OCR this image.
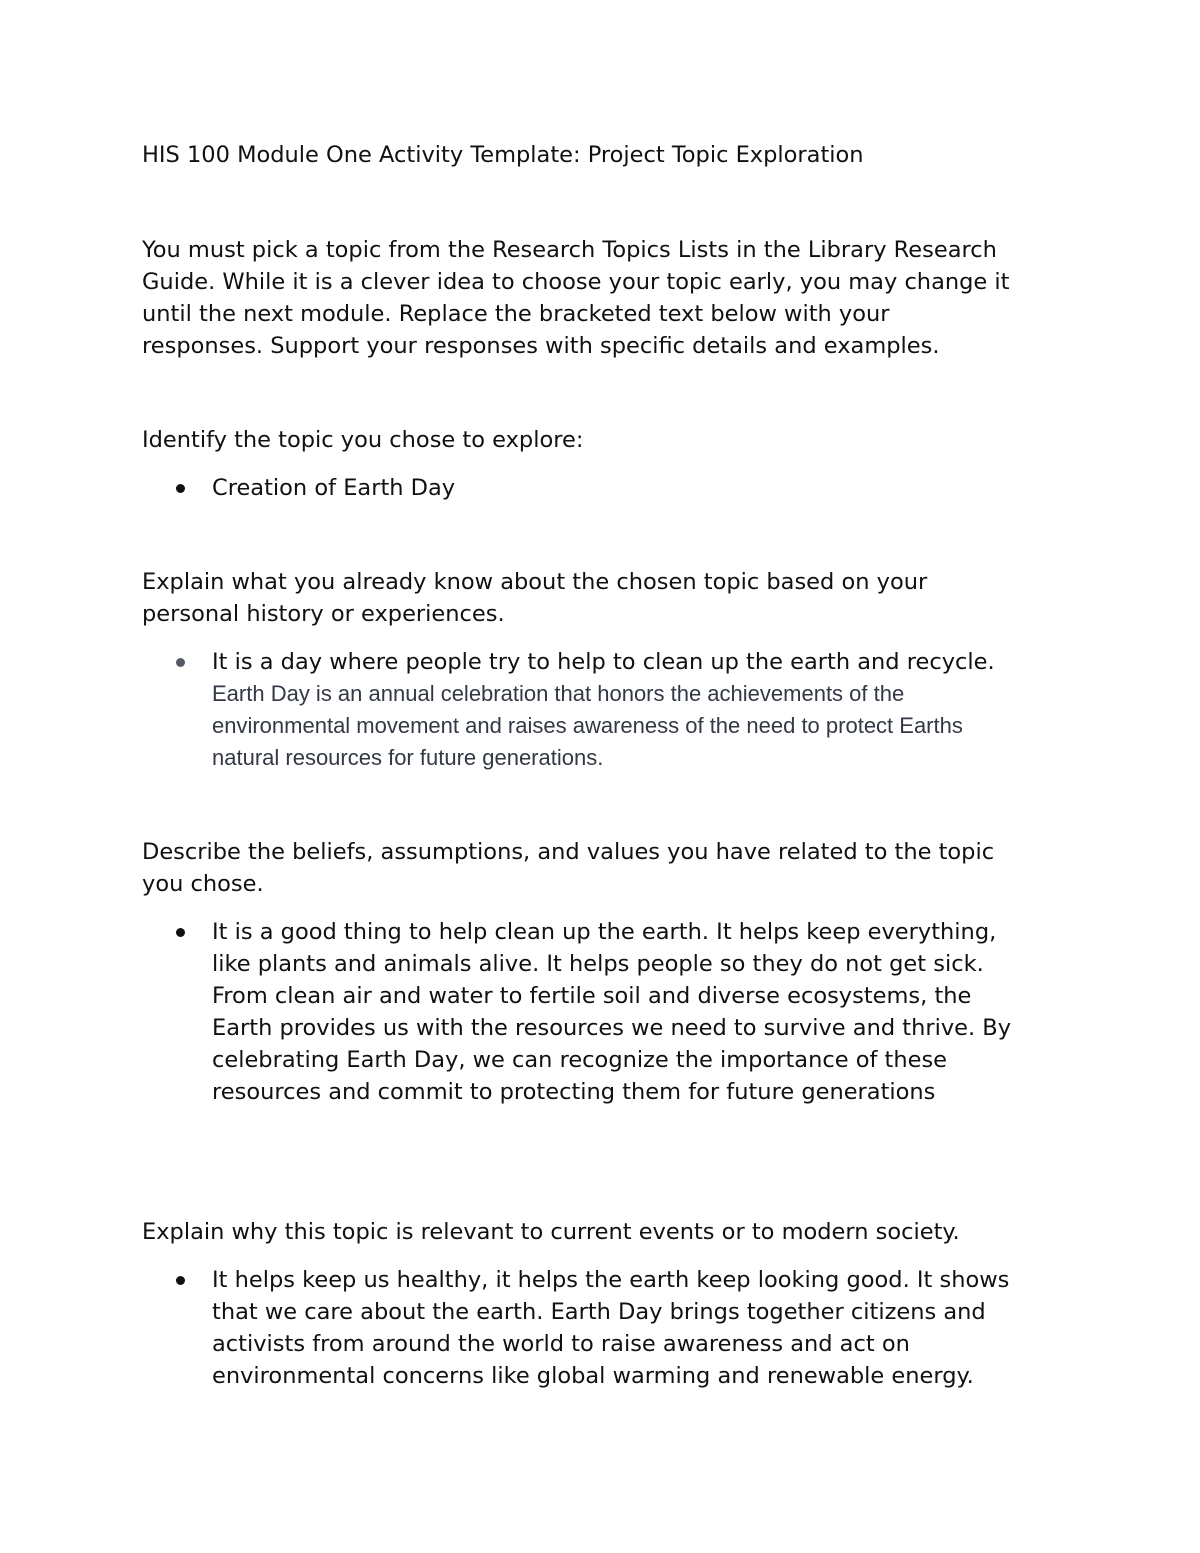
HIS 100 Module One Activity Template: Project Topic Exploration
You must pick a topic from the Research Topics Lists in the Library Research
Guide. While it is a clever idea to choose your topic early, you may change it
until the next module. Replace the bracketed text below with your
responses. Support your responses with specific details and examples.
Identify the topic you chose to explore:
Creation of Earth Day
Explain what you already know about the chosen topic based on your
personal history or experiences.
It is a day where people try to help to clean up the earth and recycle.
Earth Day is an annual celebration that honors the achievements of the
environmental movement and raises awareness of the need to protect Earths
natural resources for future generations.
Describe the beliefs, assumptions, and values you have related to the topic
you chose.
It is a good thing to help clean up the earth. It helps keep everything,
like plants and animals alive. It helps people so they do not get sick.
From clean air and water to fertile soil and diverse ecosystems, the
Earth provides us with the resources we need to survive and thrive. By
celebrating Earth Day, we can recognize the importance of these
resources and commit to protecting them for future generations
Explain why this topic is relevant to current events or to modern society.
It helps keep us healthy, it helps the earth keep looking good. It shows
that we care about the earth. Earth Day brings together citizens and
activists from around the world to raise awareness and act on
environmental concerns like global warming and renewable energy.
